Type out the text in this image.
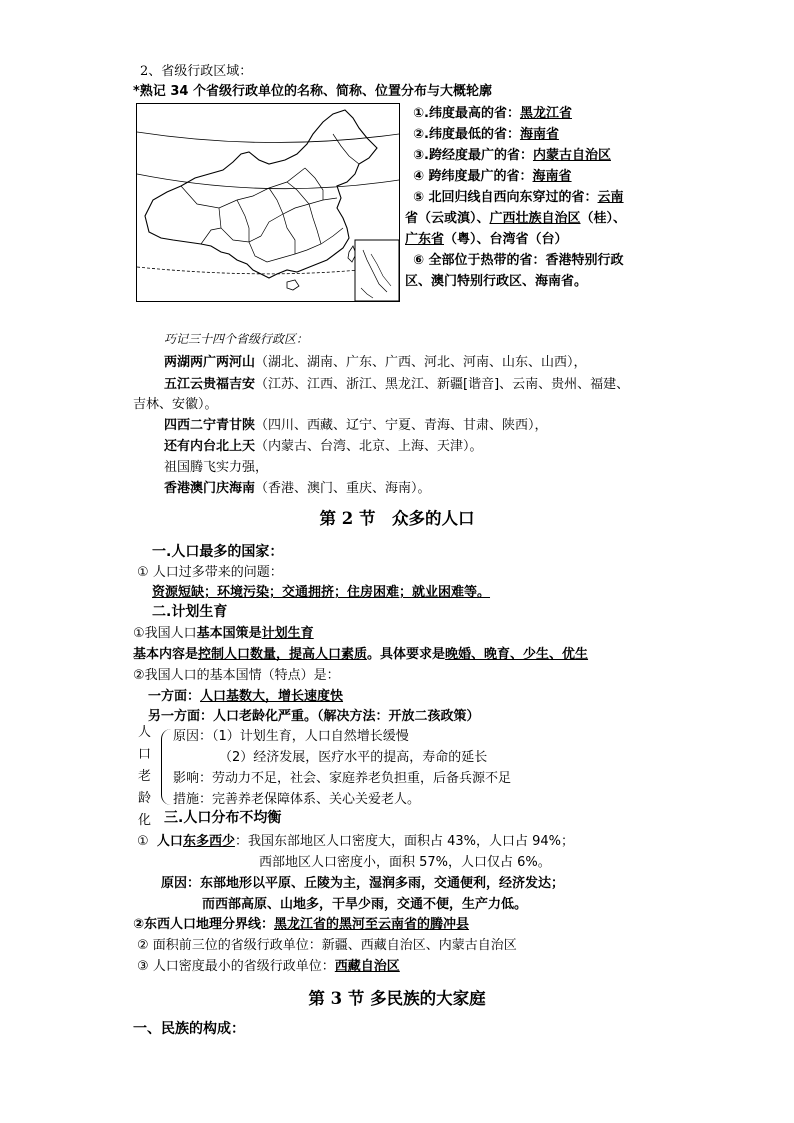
2、省级行政区域：
*熟记 34 个省级行政单位的名称、简称、位置分布与大概轮廓
①.纬度最高的省：黑龙江省
②.纬度最低的省：海南省
③.跨经度最广的省：内蒙古自治区
④ 跨纬度最广的省：海南省
⑤ 北回归线自西向东穿过的省：云南
省（云或滇）、广西壮族自治区（桂）、
广东省（粤）、台湾省（台）
⑥ 全部位于热带的省：香港特别行政
区、澳门特别行政区、海南省。
巧记三十四个省级行政区：
两湖两广两河山（湖北、湖南、广东、广西、河北、河南、山东、山西），
五江云贵福吉安（江苏、江西、浙江、黑龙江、新疆[谐音]、云南、贵州、福建、
吉林、安徽）。
四西二宁青甘陕（四川、西藏、辽宁、宁夏、青海、甘肃、陕西），
还有内台北上天（内蒙古、台湾、北京、上海、天津）。
祖国腾飞实力强，
香港澳门庆海南（香港、澳门、重庆、海南）。
第 2 节　众多的人口
一.人口最多的国家：
① 人口过多带来的问题：
资源短缺；环境污染；交通拥挤；住房困难；就业困难等。
二.计划生育
①我国人口基本国策是计划生育
基本内容是控制人口数量，提高人口素质。具体要求是晚婚、晚育、少生、优生
②我国人口的基本国情（特点）是：
一方面：人口基数大，增长速度快
另一方面：人口老龄化严重。（解决方法：开放二孩政策）
人
口
老
龄
化
原因：（1）计划生育，人口自然增长缓慢
（2）经济发展，医疗水平的提高，寿命的延长
影响：劳动力不足，社会、家庭养老负担重，后备兵源不足
措施：完善养老保障体系、关心关爱老人。
三.人口分布不均衡
① 人口东多西少：我国东部地区人口密度大，面积占 43%，人口占 94%；
西部地区人口密度小，面积 57%，人口仅占 6%。
原因：东部地形以平原、丘陵为主，湿润多雨，交通便利，经济发达；
而西部高原、山地多，干旱少雨，交通不便，生产力低。
②东西人口地理分界线：黑龙江省的黑河至云南省的腾冲县
② 面积前三位的省级行政单位：新疆、西藏自治区、内蒙古自治区
③ 人口密度最小的省级行政单位：西藏自治区
第 3 节 多民族的大家庭
一、民族的构成：
